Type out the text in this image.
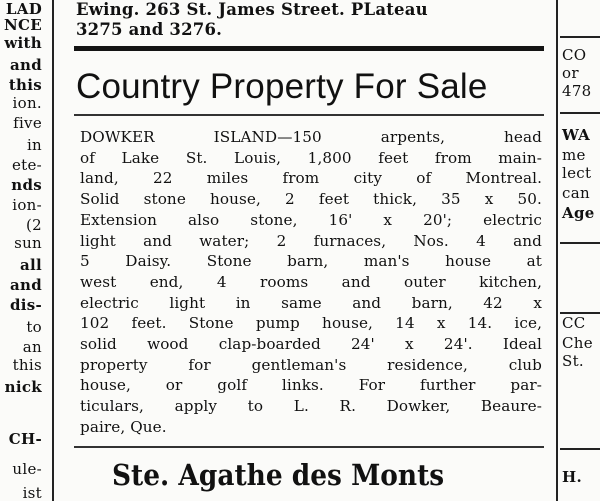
LAD
NCE
with
and
this
ion.
five
in
ete-
nds
ion-
(2
sun
all
and
dis-
to
an
this
nick
CH-
ule-
ist
Ewing. 263 St. James Street. PLateau
3275 and 3276.
Country Property For Sale
DOWKER ISLAND—150 arpents, head
of Lake St. Louis, 1,800 feet from main-
land, 22 miles from city of Montreal.
Solid stone house, 2 feet thick, 35 x 50.
Extension also stone, 16' x 20'; electric
light and water; 2 furnaces, Nos. 4 and
5 Daisy. Stone barn, man's house at
west end, 4 rooms and outer kitchen,
electric light in same and barn, 42 x
102 feet. Stone pump house, 14 x 14. ice,
solid wood clap-boarded 24' x 24'. Ideal
property for gentleman's residence, club
house, or golf links. For further par-
ticulars, apply to L. R. Dowker, Beaure-
paire, Que.
Ste. Agathe des Monts
CO
or
478
WA
me
lect
can
Age
CC
Che
St.
H.
